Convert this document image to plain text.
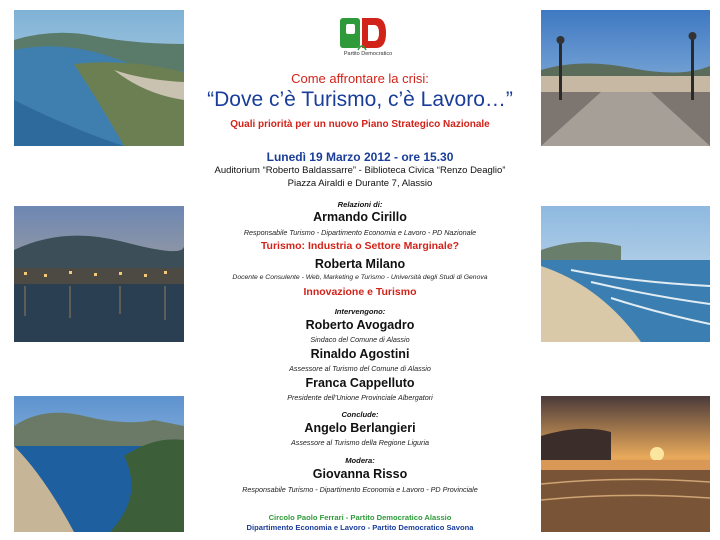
Partito Democratico
Come affrontare la crisi:
“Dove c’è Turismo, c’è Lavoro…”
Quali priorità per un nuovo Piano Strategico Nazionale
Lunedì 19 Marzo 2012 - ore 15.30
Auditorium “Roberto Baldassarre” - Biblioteca Civica “Renzo Deaglio”
Piazza Airaldi e Durante 7, Alassio
Relazioni di:
Armando Cirillo
Responsabile Turismo - Dipartimento Economia e Lavoro - PD Nazionale
Turismo: Industria o Settore Marginale?
Roberta Milano
Docente e Consulente - Web, Marketing e Turismo - Università degli Studi di Genova
Innovazione e Turismo
Intervengono:
Roberto Avogadro
Sindaco del Comune di Alassio
Rinaldo Agostini
Assessore al Turismo del Comune di Alassio
Franca Cappelluto
Presidente dell’Unione Provinciale Albergatori
Conclude:
Angelo Berlangieri
Assessore al Turismo della Regione Liguria
Modera:
Giovanna Risso
Responsabile Turismo - Dipartimento Economia e Lavoro - PD Provinciale
Circolo Paolo Ferrari - Partito Democratico Alassio
Dipartimento Economia e Lavoro - Partito Democratico Savona
